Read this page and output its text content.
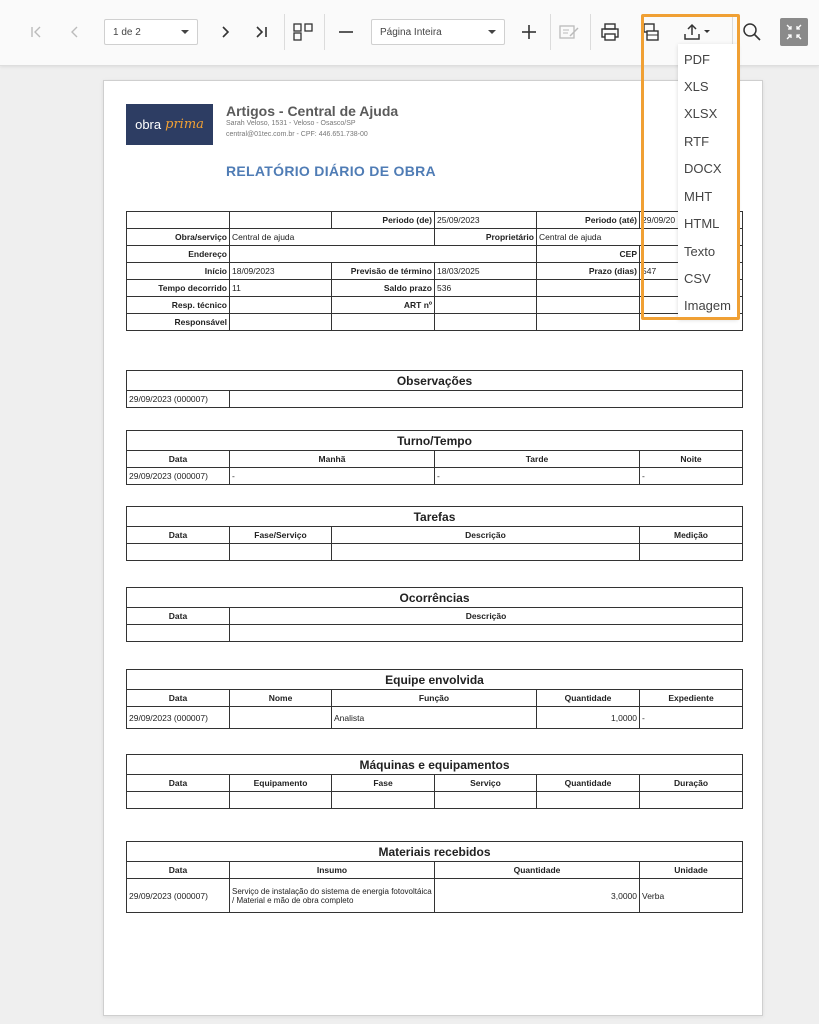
1 de 2	Página Inteira
obra prima
Artigos - Central de Ajuda
Sarah Veloso, 1531 - Veloso - Osasco/SP
central@01tec.com.br - CPF: 446.651.738-00
RELATÓRIO DIÁRIO DE OBRA
		Periodo (de)	25/09/2023	Periodo (até)	29/09/20
Obra/serviço	Central de ajuda		Proprietário	Central de ajuda	
Endereço				CEP	
Início	18/09/2023	Previsão de término	18/03/2025	Prazo (dias)	547
Tempo decorrido	11	Saldo prazo	536		
Resp. técnico		ART nº			
Responsável					
Observações
29/09/2023 (000007)	
Turno/Tempo			
Data	Manhã	Tarde	Noite
29/09/2023 (000007)	-	-	-
Tarefas			
Data	Fase/Serviço	Descrição	Medição

Ocorrências	
Data	Descrição

Equipe envolvida				
Data	Nome	Função	Quantidade	Expediente
29/09/2023 (000007)		Analista	1,0000	-
Máquinas e equipamentos					
Data	Equipamento	Fase	Serviço	Quantidade	Duração

Materiais recebidos			
Data	Insumo	Quantidade	Unidade
29/09/2023 (000007)	Serviço de instalação do sistema de energia fotovoltáica / Material e mão de obra completo	3,0000	Verba
PDF
XLS
XLSX
RTF
DOCX
MHT
HTML
Texto
CSV
Imagem
